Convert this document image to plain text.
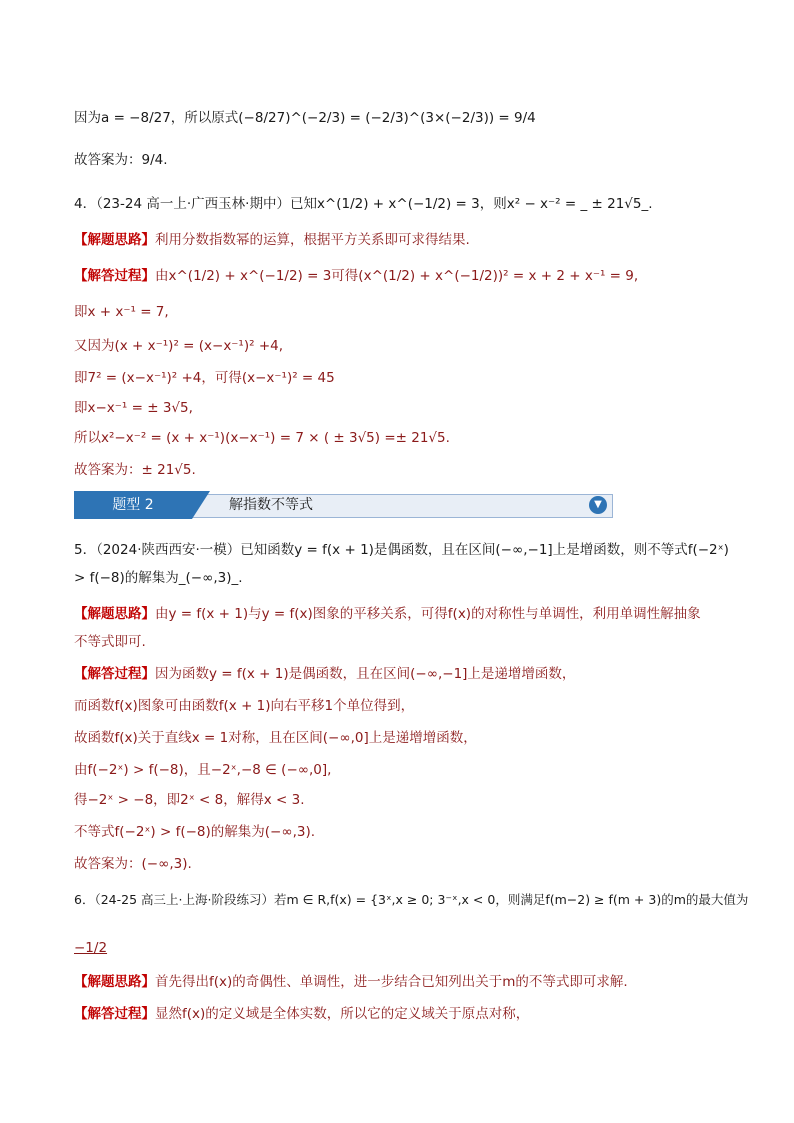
因为a = −8/27，所以原式(−8/27)^(−2/3) = (−2/3)^(3×(−2/3)) = 9/4
故答案为：9/4.
4．（23-24 高一上·广西玉林·期中）已知x^(1/2) + x^(−1/2) = 3，则x² − x⁻² = _ ± 21√5_.
【解题思路】利用分数指数幂的运算，根据平方关系即可求得结果.
【解答过程】由x^(1/2) + x^(−1/2) = 3可得(x^(1/2) + x^(−1/2))² = x + 2 + x⁻¹ = 9,
即x + x⁻¹ = 7,
又因为(x + x⁻¹)² = (x−x⁻¹)² +4,
即7² = (x−x⁻¹)² +4，可得(x−x⁻¹)² = 45
即x−x⁻¹ = ± 3√5,
所以x²−x⁻² = (x + x⁻¹)(x−x⁻¹) = 7 × ( ± 3√5) =± 21√5.
故答案为：± 21√5.
题型 2	解指数不等式	▼
5．（2024·陕西西安·一模）已知函数y = f(x + 1)是偶函数，且在区间(−∞,−1]上是增函数，则不等式f(−2ˣ)
> f(−8)的解集为_(−∞,3)_.
【解题思路】由y = f(x + 1)与y = f(x)图象的平移关系，可得f(x)的对称性与单调性，利用单调性解抽象
不等式即可.
【解答过程】因为函数y = f(x + 1)是偶函数，且在区间(−∞,−1]上是递增增函数，
而函数f(x)图象可由函数f(x + 1)向右平移1个单位得到，
故函数f(x)关于直线x = 1对称，且在区间(−∞,0]上是递增增函数，
由f(−2ˣ) > f(−8)，且−2ˣ,−8 ∈ (−∞,0],
得−2ˣ > −8，即2ˣ < 8，解得x < 3.
不等式f(−2ˣ) > f(−8)的解集为(−∞,3).
故答案为：(−∞,3).
6．（24-25 高三上·上海·阶段练习）若m ∈ R,f(x) = {3ˣ,x ≥ 0; 3⁻ˣ,x < 0，则满足f(m−2) ≥ f(m + 3)的m的最大值为
−1/2
【解题思路】首先得出f(x)的奇偶性、单调性，进一步结合已知列出关于m的不等式即可求解.
【解答过程】显然f(x)的定义域是全体实数，所以它的定义域关于原点对称，
